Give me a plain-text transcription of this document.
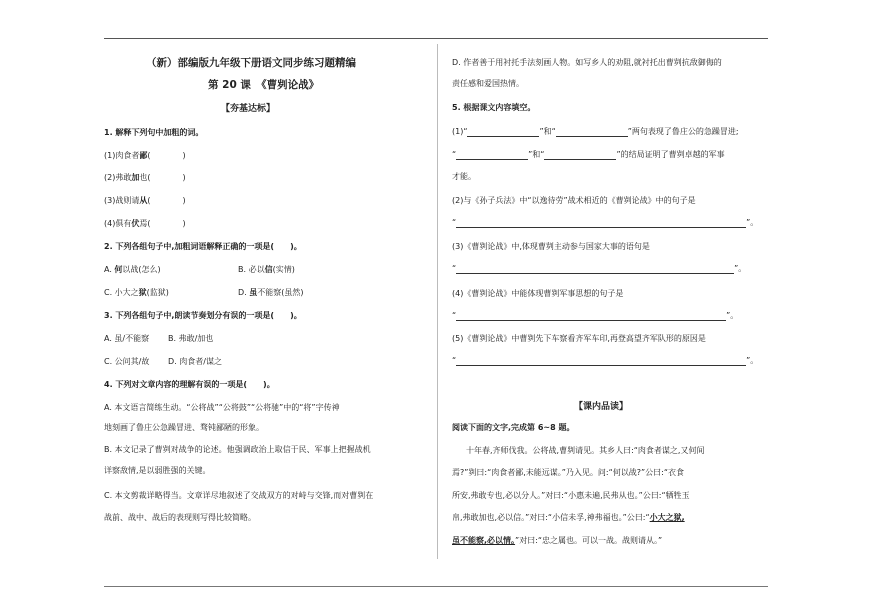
（新）部编版九年级下册语文同步练习题精编
第 20 课　《曹刿论战》
【夯基达标】
1. 解释下列句中加粗的词。
(1)肉食者鄙(　　　　)
(2)弗敢加也(　　　　)
(3)战则请从(　　　　)
(4)俱有伏焉(　　　　)
2. 下列各组句子中,加粗词语解释正确的一项是(　　)。
A. 何以战(怎么)	B. 必以信(实情)
C. 小大之狱(监狱)	D. 虽不能察(虽然)
3. 下列各组句子中,朗读节奏划分有误的一项是(　　)。
A. 虽/不能察 B. 弗敢/加也
C. 公问其/故 D. 肉食者/谋之
4. 下列对文章内容的理解有误的一项是(　　)。
A. 本文语言简练生动。“公将战”“公将鼓”“公将驰”中的“将”字传神
地刻画了鲁庄公急躁冒进、骛钝鄙陋的形象。
B. 本文记录了曹刿对战争的论述。他强调政治上取信于民、军事上把握战机
详察敌情,是以弱胜强的关键。
C. 本文剪裁详略得当。文章详尽地叙述了交战双方的对峙与交锋,而对曹刿在
战前、战中、战后的表现则写得比较简略。
D. 作者善于用衬托手法刻画人物。如写乡人的劝阻,就衬托出曹刿抗敌御侮的
责任感和爱国热情。
5. 根据课文内容填空。
(1)“	”和“	”两句表现了鲁庄公的急躁冒进;
“	”和“	”的结局证明了曹刿卓越的军事
才能。
(2)与《孙子兵法》中“以逸待劳”战术相近的《曹刿论战》中的句子是
“	”。
(3)《曹刿论战》中,体现曹刿主动参与国家大事的语句是
“	”。
(4)《曹刿论战》中能体现曹刿军事思想的句子是
“	”。
(5)《曹刿论战》中曹刿先下车察看齐军车印,再登高望齐军队形的原因是
“	”。
【课内品读】
阅读下面的文字,完成第 6~8 题。
十年春,齐师伐我。公将战,曹刿请见。其乡人曰:“肉食者谋之,又何间
焉?”刿曰:“肉食者鄙,未能远谋。”乃入见。问:“何以战?”公曰:“衣食
所安,弗敢专也,必以分人。”对曰:“小惠未遍,民弗从也。”公曰:“牺牲玉
帛,弗敢加也,必以信。”对曰:“小信未孚,神弗福也。”公曰:“小大之狱,
虽不能察,必以情。”对曰:“忠之属也。可以一战。战则请从。”
